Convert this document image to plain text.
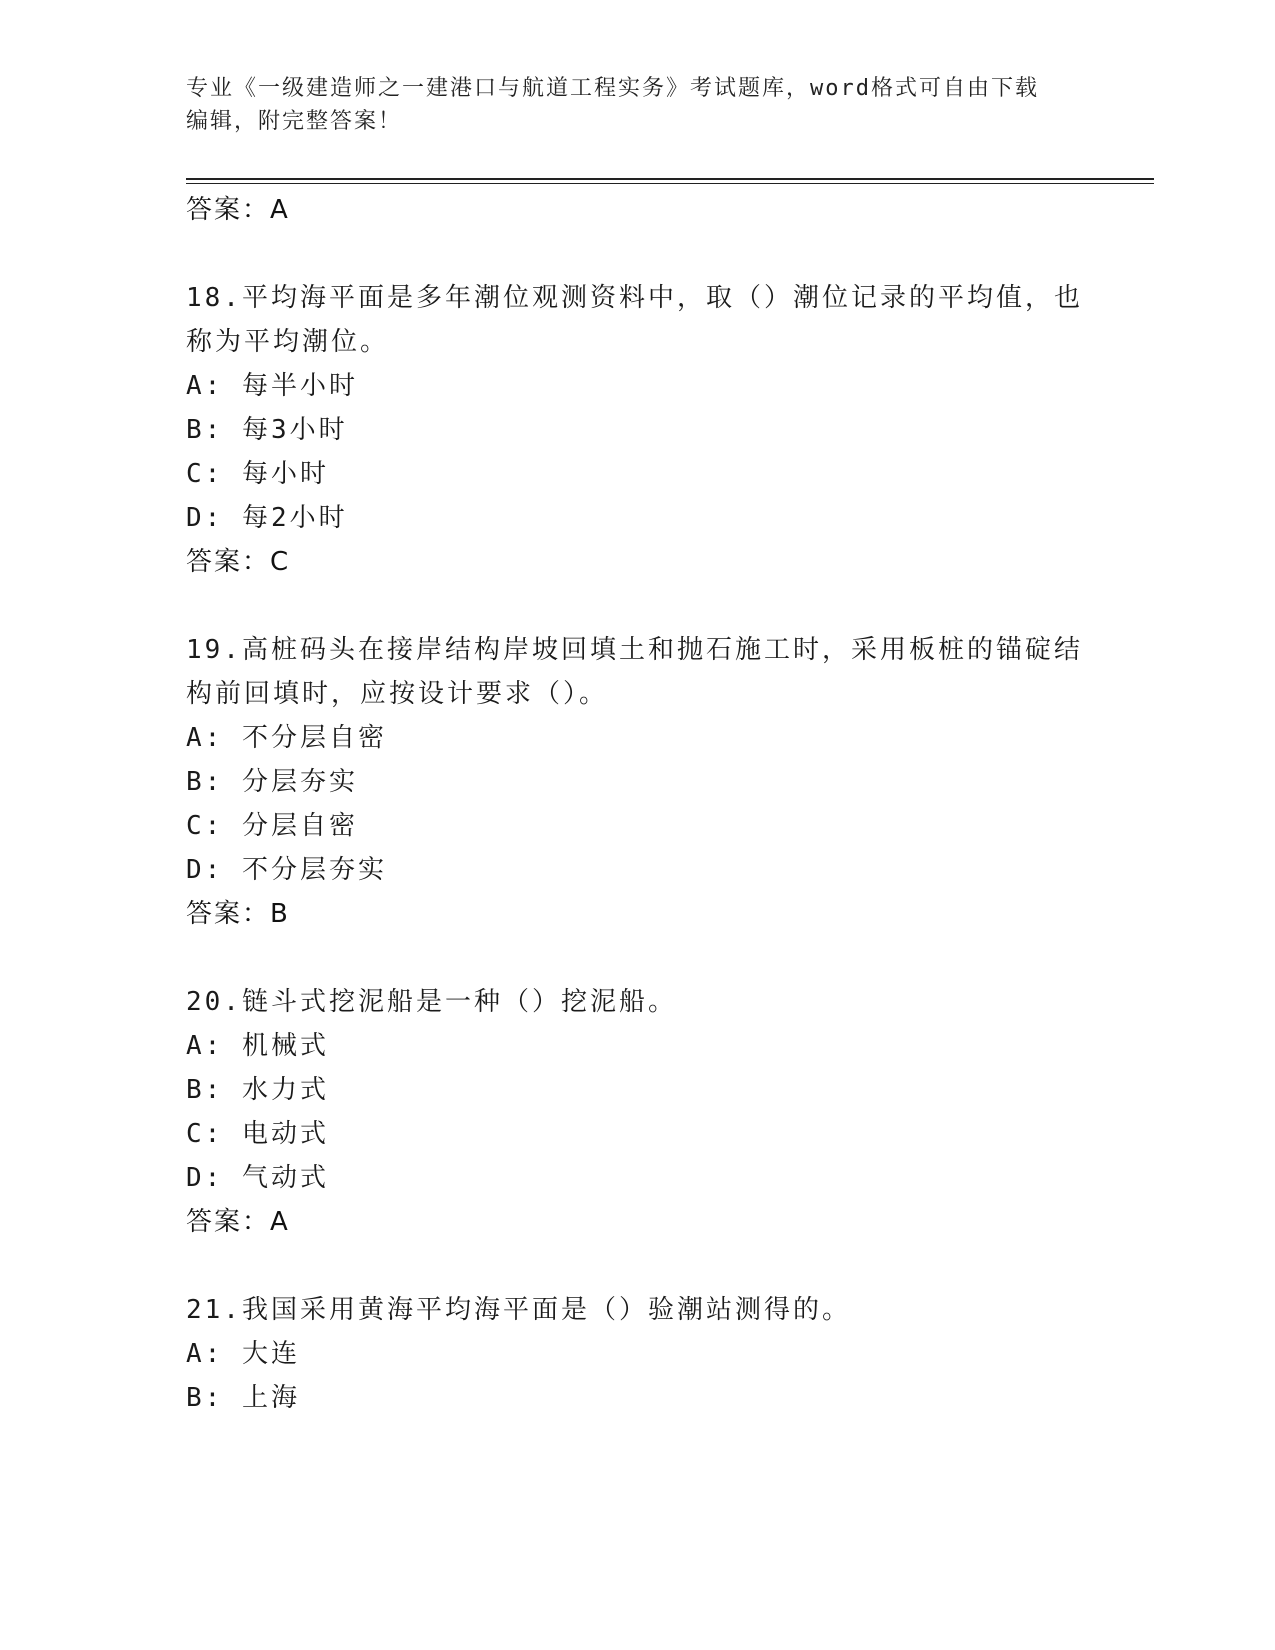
专业《一级建造师之一建港口与航道工程实务》考试题库，word格式可自由下载
编辑，附完整答案！
答案：A
18.平均海平面是多年潮位观测资料中，取（）潮位记录的平均值，也
称为平均潮位。
A: 每半小时
B: 每3小时
C: 每小时
D: 每2小时
答案：C
19.高桩码头在接岸结构岸坡回填土和抛石施工时，采用板桩的锚碇结
构前回填时，应按设计要求（）。
A: 不分层自密
B: 分层夯实
C: 分层自密
D: 不分层夯实
答案：B
20.链斗式挖泥船是一种（）挖泥船。
A: 机械式
B: 水力式
C: 电动式
D: 气动式
答案：A
21.我国采用黄海平均海平面是（）验潮站测得的。
A: 大连
B: 上海
